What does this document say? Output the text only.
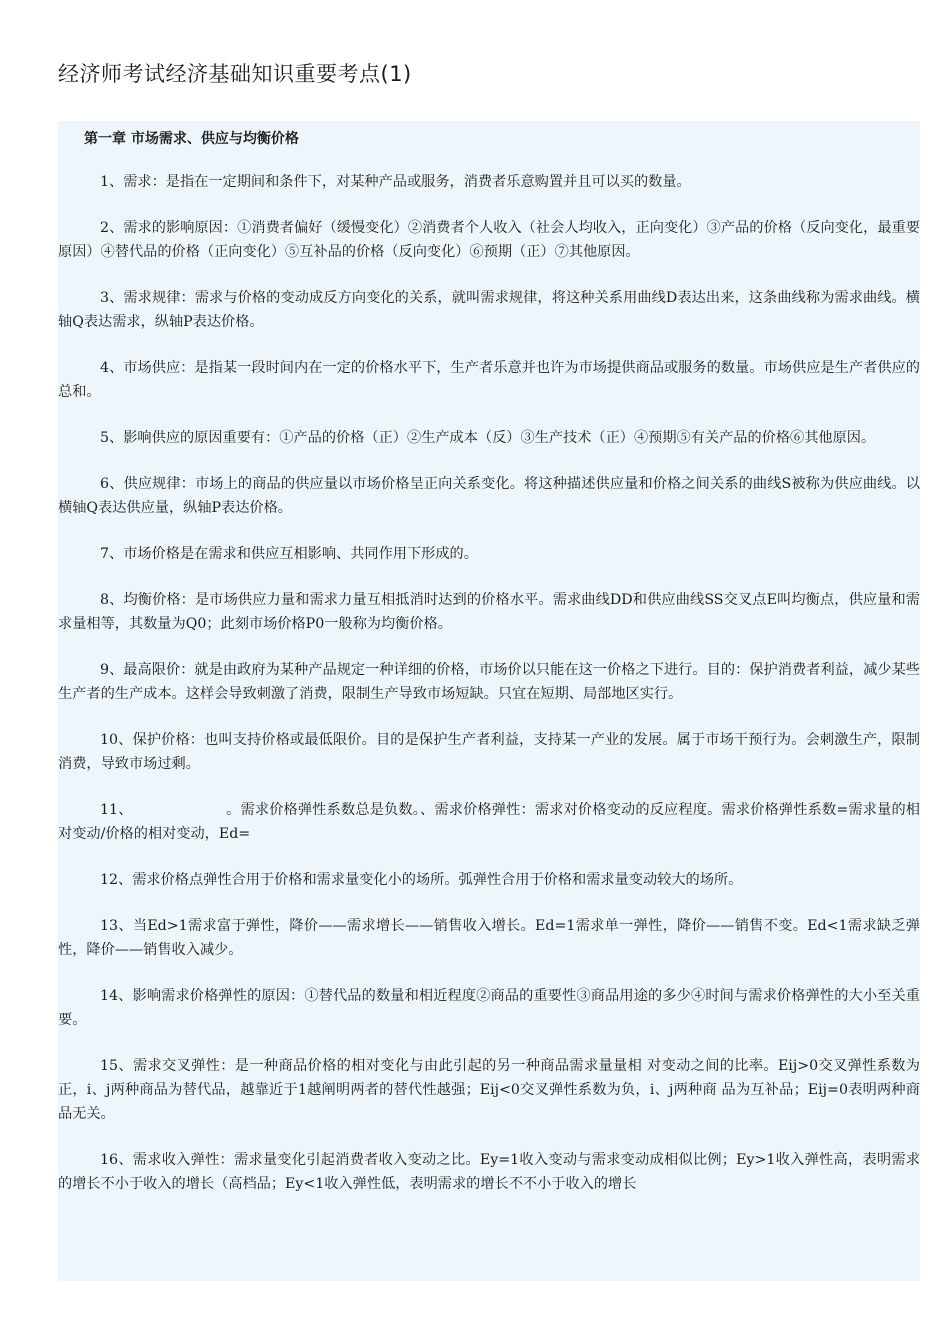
经济师考试经济基础知识重要考点(1)

第一章 市场需求、供应与均衡价格

1、需求：是指在一定期间和条件下，对某种产品或服务，消费者乐意购置并且可以买的数量。

2、需求的影响原因：①消费者偏好（缓慢变化）②消费者个人收入（社会人均收入，正向变化）③产品的价格（反向变化，最重要原因）④替代品的价格（正向变化）⑤互补品的价格（反向变化）⑥预期（正）⑦其他原因。

3、需求规律：需求与价格的变动成反方向变化的关系，就叫需求规律，将这种关系用曲线D表达出来，这条曲线称为需求曲线。横轴Q表达需求，纵轴P表达价格。

4、市场供应：是指某一段时间内在一定的价格水平下，生产者乐意并也许为市场提供商品或服务的数量。市场供应是生产者供应的总和。

5、影响供应的原因重要有：①产品的价格（正）②生产成本（反）③生产技术（正）④预期⑤有关产品的价格⑥其他原因。

6、供应规律：市场上的商品的供应量以市场价格呈正向关系变化。将这种描述供应量和价格之间关系的曲线S被称为供应曲线。以横轴Q表达供应量，纵轴P表达价格。

7、市场价格是在需求和供应互相影响、共同作用下形成的。

8、均衡价格：是市场供应力量和需求力量互相抵消时达到的价格水平。需求曲线DD和供应曲线SS交叉点E叫均衡点，供应量和需求量相等，其数量为Q0；此刻市场价格P0一般称为均衡价格。

9、最高限价：就是由政府为某种产品规定一种详细的价格，市场价以只能在这一价格之下进行。目的：保护消费者利益，减少某些生产者的生产成本。这样会导致刺激了消费，限制生产导致市场短缺。只宜在短期、局部地区实行。

10、保护价格：也叫支持价格或最低限价。目的是保护生产者利益，支持某一产业的发展。属于市场干预行为。会刺激生产，限制消费，导致市场过剩。

11、                    。需求价格弹性系数总是负数。、需求价格弹性：需求对价格变动的反应程度。需求价格弹性系数=需求量的相对变动/价格的相对变动，Ed=

12、需求价格点弹性合用于价格和需求量变化小的场所。弧弹性合用于价格和需求量变动较大的场所。

13、当Ed>1需求富于弹性，降价——需求增长——销售收入增长。Ed=1需求单一弹性，降价——销售不变。Ed<1需求缺乏弹性，降价——销售收入减少。

14、影响需求价格弹性的原因：①替代品的数量和相近程度②商品的重要性③商品用途的多少④时间与需求价格弹性的大小至关重要。

15、需求交叉弹性：是一种商品价格的相对变化与由此引起的另一种商品需求量量相 对变动之间的比率。Eij>0交叉弹性系数为正，i、j两种商品为替代品，越靠近于1越阐明两者的替代性越强；Eij<0交叉弹性系数为负，i、j两种商 品为互补品；Eij=0表明两种商品无关。

16、需求收入弹性：需求量变化引起消费者收入变动之比。Ey=1收入变动与需求变动成相似比例；Ey>1收入弹性高，表明需求的增长不小于收入的增长（高档品；Ey<1收入弹性低，表明需求的增长不不小于收入的增长
